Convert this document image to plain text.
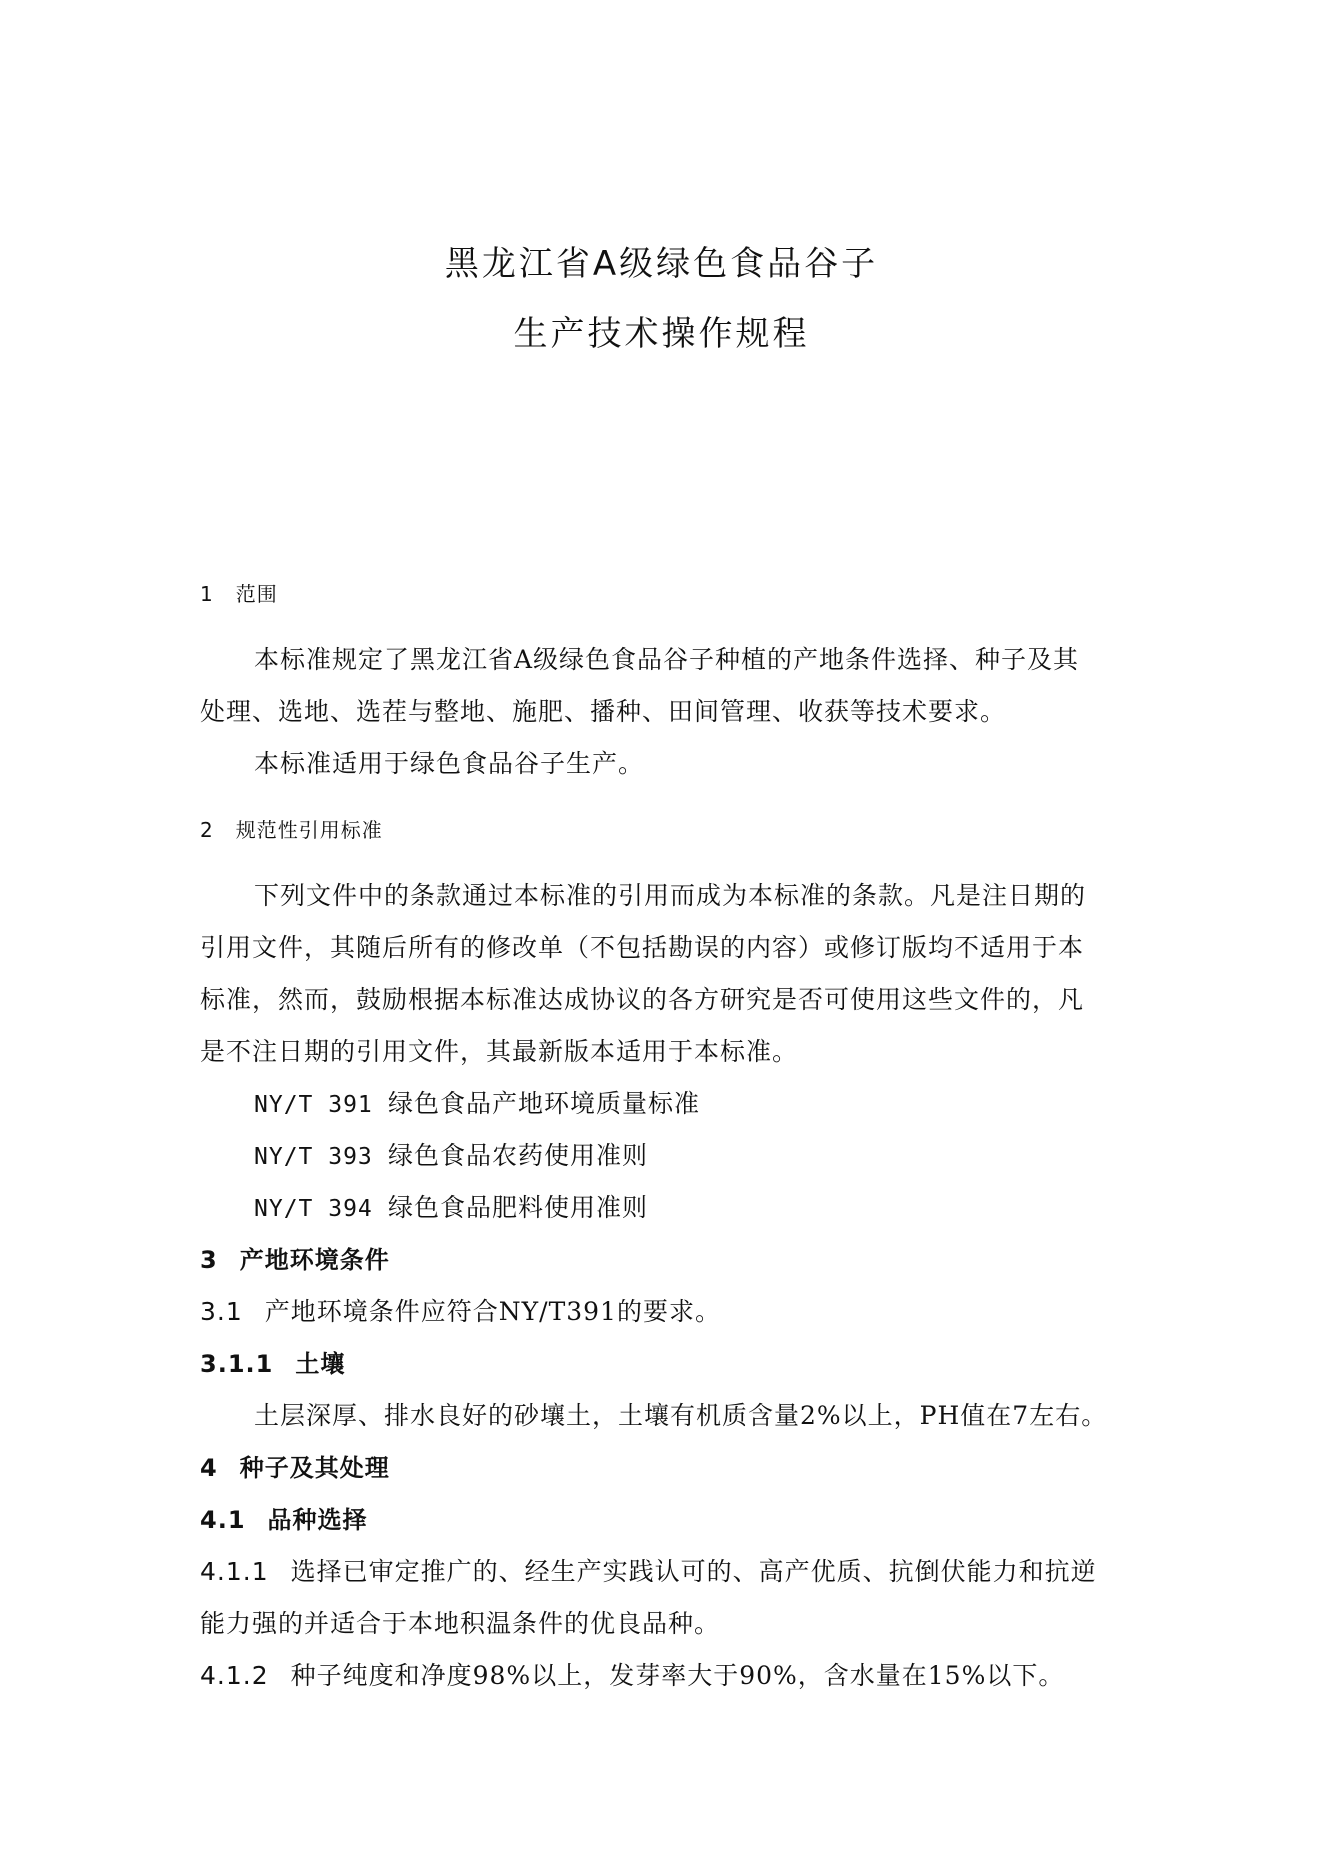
黑龙江省A级绿色食品谷子
生产技术操作规程
1 范围
本标准规定了黑龙江省A级绿色食品谷子种植的产地条件选择、种子及其
处理、选地、选茬与整地、施肥、播种、田间管理、收获等技术要求。
本标准适用于绿色食品谷子生产。
2 规范性引用标准
下列文件中的条款通过本标准的引用而成为本标准的条款。凡是注日期的
引用文件，其随后所有的修改单（不包括勘误的内容）或修订版均不适用于本
标准，然而，鼓励根据本标准达成协议的各方研究是否可使用这些文件的，凡
是不注日期的引用文件，其最新版本适用于本标准。
NY/T 391 绿色食品产地环境质量标准
NY/T 393 绿色食品农药使用准则
NY/T 394 绿色食品肥料使用准则
3 产地环境条件
3.1 产地环境条件应符合NY/T391的要求。
3.1.1 土壤
土层深厚、排水良好的砂壤土，土壤有机质含量2%以上，PH值在7左右。
4 种子及其处理
4.1 品种选择
4.1.1 选择已审定推广的、经生产实践认可的、高产优质、抗倒伏能力和抗逆
能力强的并适合于本地积温条件的优良品种。
4.1.2 种子纯度和净度98%以上，发芽率大于90%，含水量在15%以下。
